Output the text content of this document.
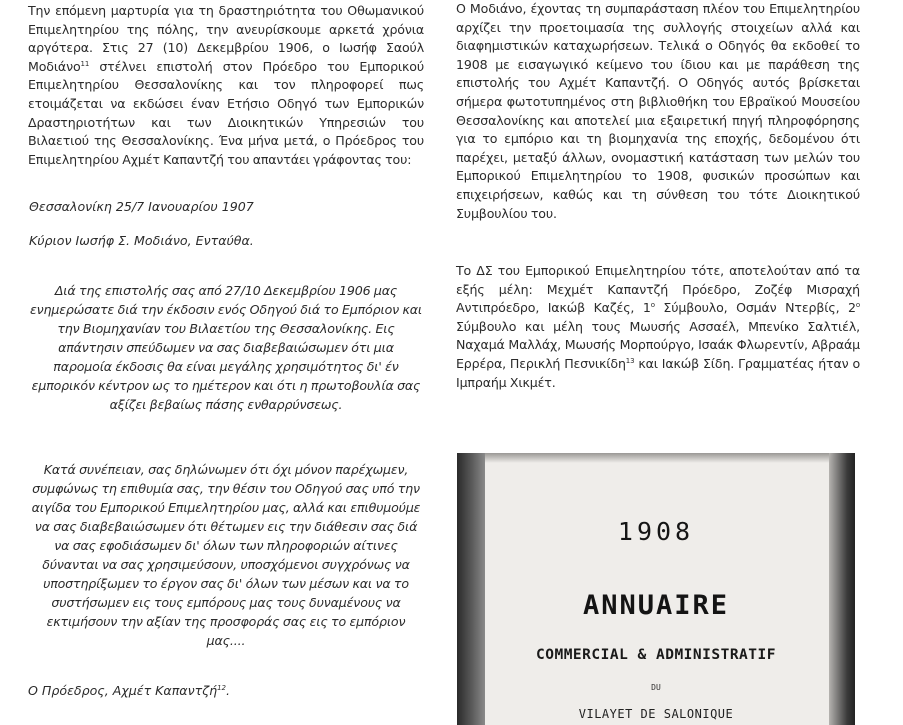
Την επόμενη μαρτυρία για τη δραστηριότητα του Οθωμανικού Επιμελητηρίου της πόλης, την ανευρίσκουμε αρκετά χρόνια αργότερα. Στις 27 (10) Δεκεμβρίου 1906, ο Ιωσήφ Σαούλ Μοδιάνο$^{11}$ στέλνει επιστολή στον Πρόεδρο του Εμπορικού Επιμελητηρίου Θεσσαλονίκης και τον πληροφορεί πως ετοιμάζεται να εκδώσει έναν Ετήσιο Οδηγό των Εμπορικών Δραστηριοτήτων και των Διοικητικών Υπηρεσιών του Βιλαετιού της Θεσσαλονίκης. Ένα μήνα μετά, ο Πρόεδρος του Επιμελητηρίου Αχμέτ Καπαντζή του απαντάει γράφοντας του:

Θεσσαλονίκη 25/7 Ιανουαρίου 1907

Κύριον Ιωσήφ Σ. Μοδιάνο, Ενταύθα.

Διά της επιστολής σας από 27/10 Δεκεμβρίου 1906 μας ενημερώσατε διά την έκδοσιν ενός Οδηγού διά το Εμπόριον και την Βιομηχανίαν του Βιλαετίου της Θεσσαλονίκης. Εις απάντησιν σπεύδωμεν να σας διαβεβαιώσωμεν ότι μια παρομοία έκδοσις θα είναι μεγάλης χρησιμότητος δι' έν εμπορικόν κέντρον ως το ημέτερον και ότι η πρωτοβουλία σας αξίζει βεβαίως πάσης ενθαρρύνσεως.

Κατά συνέπειαν, σας δηλώνωμεν ότι όχι μόνον παρέχωμεν, συμφώνως τη επιθυμία σας, την θέσιν του Οδηγού σας υπό την αιγίδα του Εμπορικού Επιμελητηρίου μας, αλλά και επιθυμούμε να σας διαβεβαιώσωμεν ότι θέτωμεν εις την διάθεσιν σας διά να σας εφοδιάσωμεν δι' όλων των πληροφοριών αίτινες δύνανται να σας χρησιμεύσουν, υποσχόμενοι συγχρόνως να υποστηρίξωμεν το έργον σας δι' όλων των μέσων και να το συστήσωμεν εις τους εμπόρους μας τους δυναμένους να εκτιμήσουν την αξίαν της προσφοράς σας εις το εμπόριον μας....

Ο Πρόεδρος, Αχμέτ Καπαντζή$^{12}$.

Ο Μοδιάνο, έχοντας τη συμπαράσταση πλέον του Επιμελητηρίου αρχίζει την προετοιμασία της συλλογής στοιχείων αλλά και διαφημιστικών καταχωρήσεων. Τελικά ο Οδηγός θα εκδοθεί το 1908 με εισαγωγικό κείμενο του ίδιου και με παράθεση της επιστολής του Αχμέτ Καπαντζή. Ο Οδηγός αυτός βρίσκεται σήμερα φωτοτυπημένος στη βιβλιοθήκη του Εβραϊκού Μουσείου Θεσσαλονίκης και αποτελεί μια εξαιρετική πηγή πληροφόρησης για το εμπόριο και τη βιομηχανία της εποχής, δεδομένου ότι παρέχει, μεταξύ άλλων, ονομαστική κατάσταση των μελών του Εμπορικού Επιμελητηρίου το 1908, φυσικών προσώπων και επιχειρήσεων, καθώς και τη σύνθεση του τότε Διοικητικού Συμβουλίου του.

Το ΔΣ του Εμπορικού Επιμελητηρίου τότε, αποτελούταν από τα εξής μέλη: Μεχμέτ Καπαντζή Πρόεδρο, Ζοζέφ Μισραχή Αντιπρόεδρο, Ιακώβ Καζές, $1^o$ Σύμβουλο, Οσμάν Ντερβίς, $2^o$ Σύμβουλο και μέλη τους Μωυσής Ασσαέλ, Μπενίκο Σαλτιέλ, Ναχαμά Μαλλάχ, Μωυσής Μορπούργο, Ισαάκ Φλωρεντίν, Αβραάμ Ερρέρα, Περικλή Πεσνικίδη$^{13}$ και Ιακώβ Σίδη. Γραμματέας ήταν ο Ιμπραήμ Χικμέτ.

1908
ANNUAIRE
COMMERCIAL & ADMINISTRATIF
DU
VILAYET DE SALONIQUE
